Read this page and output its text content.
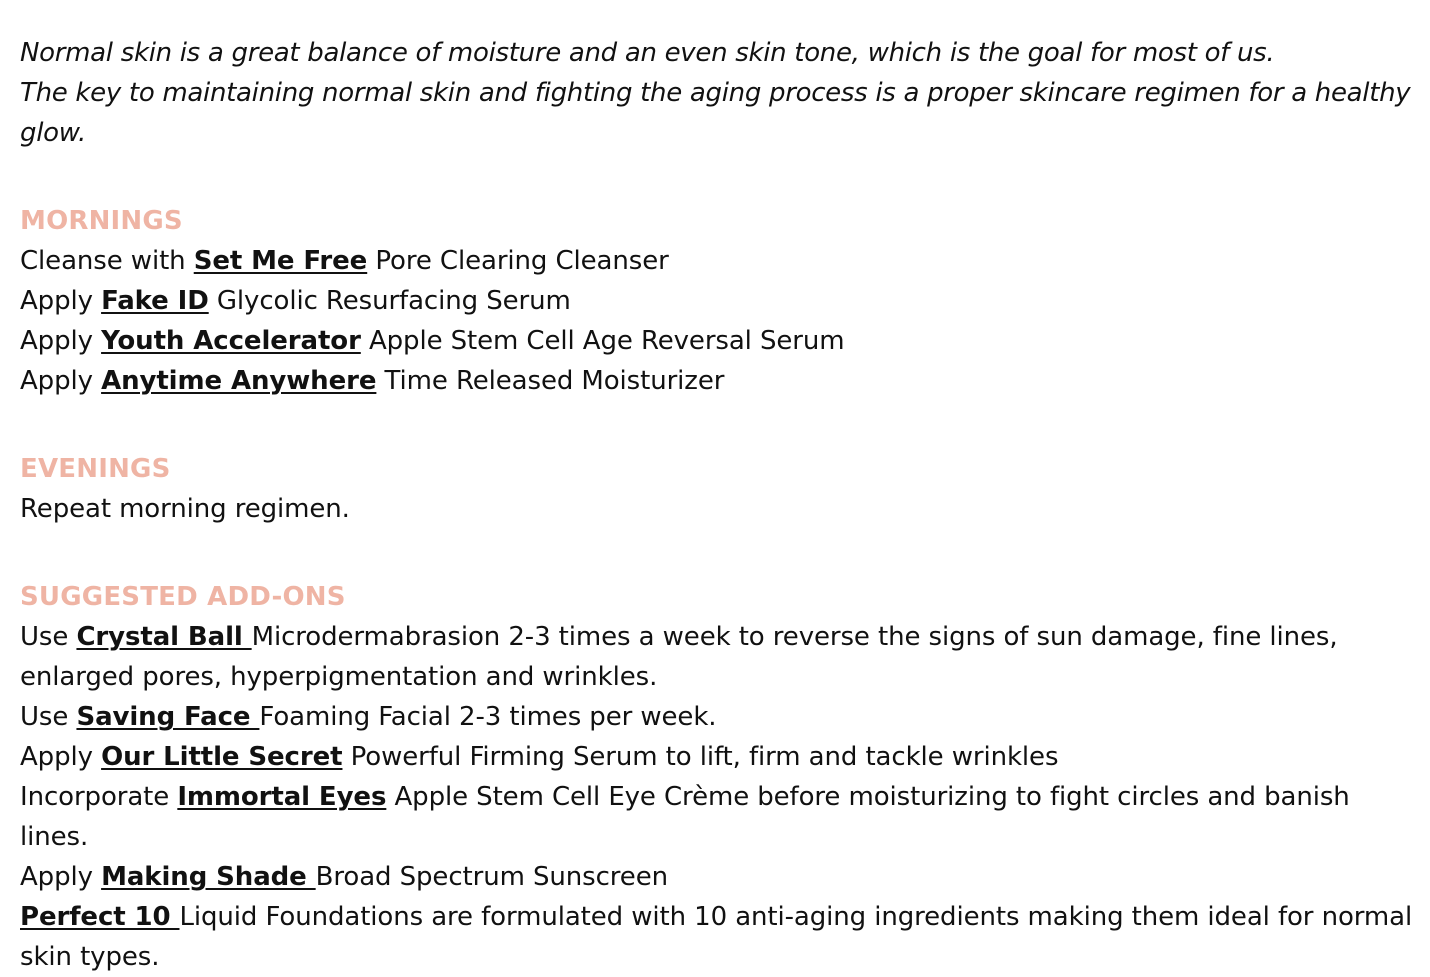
Normal skin is a great balance of moisture and an even skin tone, which is the goal for most of us.
The key to maintaining normal skin and fighting the aging process is a proper skincare regimen for a healthy glow.

MORNINGS

Cleanse with Set Me Free Pore Clearing Cleanser

Apply Fake ID Glycolic Resurfacing Serum

Apply Youth Accelerator Apple Stem Cell Age Reversal Serum

Apply Anytime Anywhere Time Released Moisturizer

EVENINGS

Repeat morning regimen.

SUGGESTED ADD-ONS

Use Crystal Ball Microdermabrasion 2-3 times a week to reverse the signs of sun damage, fine lines, enlarged pores, hyperpigmentation and wrinkles.

Use Saving Face Foaming Facial 2-3 times per week.

Apply Our Little Secret Powerful Firming Serum to lift, firm and tackle wrinkles

Incorporate Immortal Eyes Apple Stem Cell Eye Crème before moisturizing to fight circles and banish lines.

Apply Making Shade Broad Spectrum Sunscreen

Perfect 10 Liquid Foundations are formulated with 10 anti-aging ingredients making them ideal for normal skin types.
